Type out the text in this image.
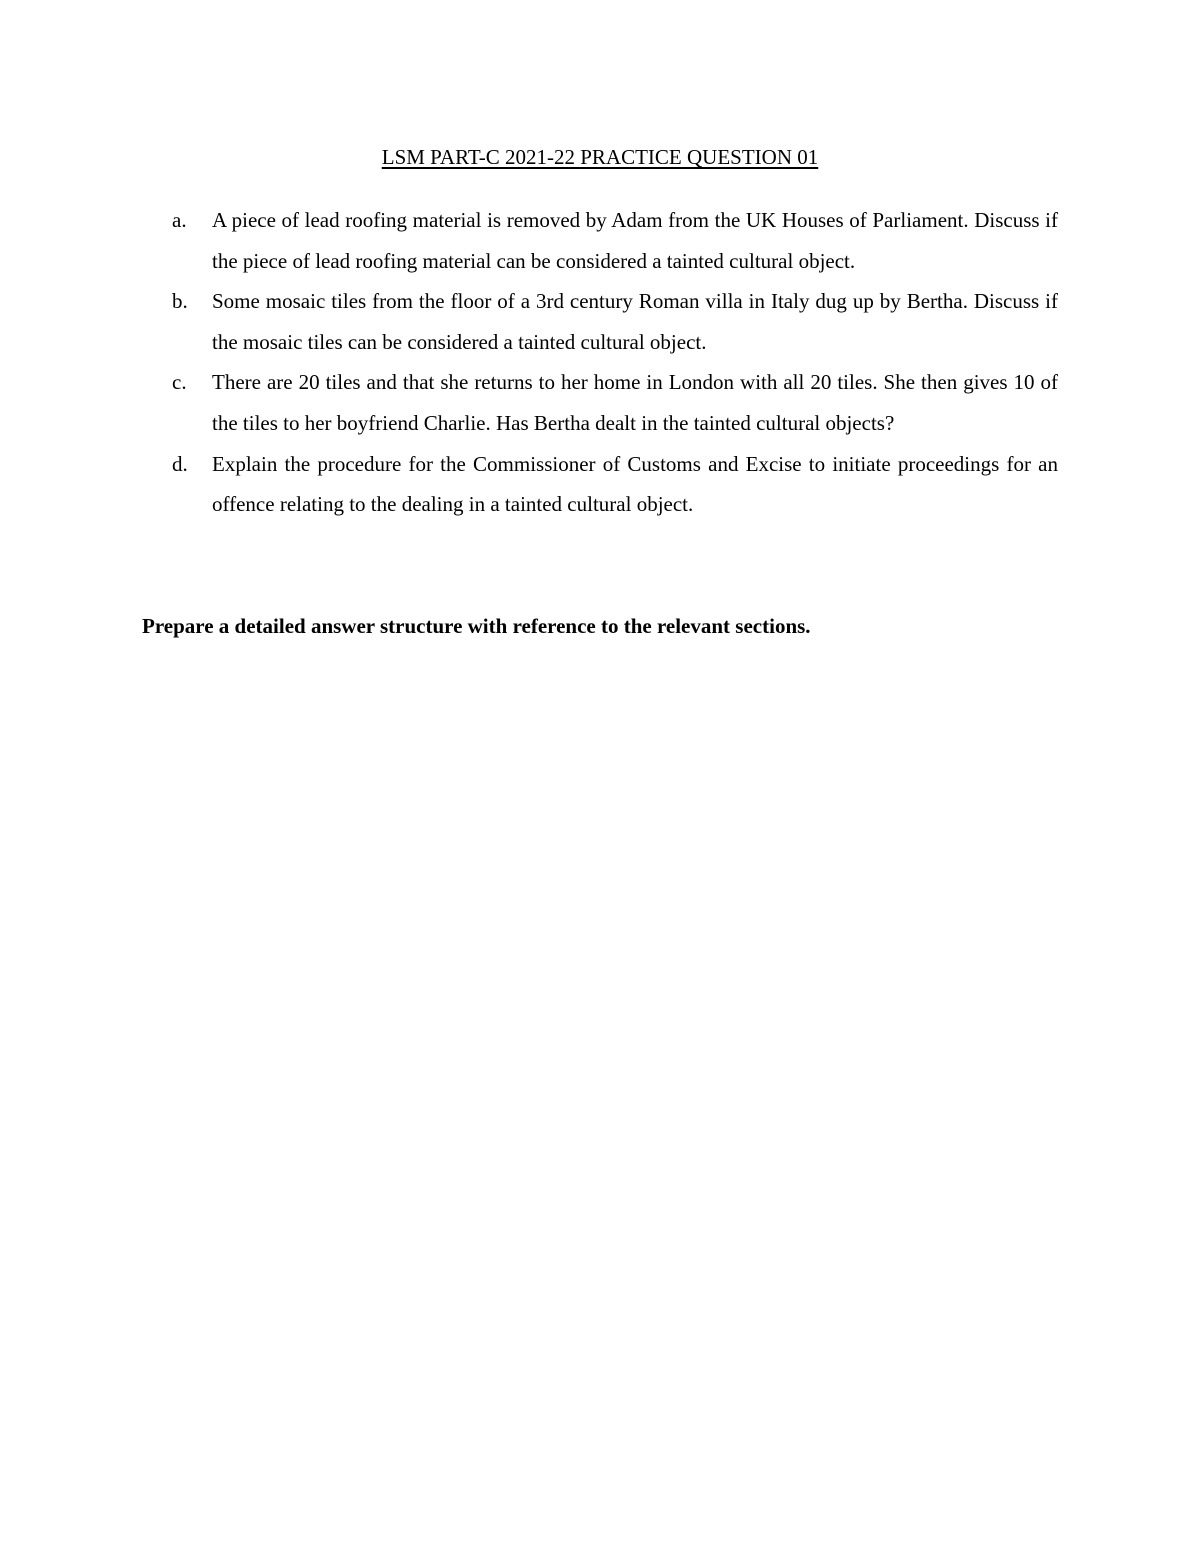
LSM PART-C 2021-22 PRACTICE QUESTION 01
a.	A piece of lead roofing material is removed by Adam from the UK Houses of Parliament. Discuss if the piece of lead roofing material can be considered a tainted cultural object.
b.	Some mosaic tiles from the floor of a 3rd century Roman villa in Italy dug up by Bertha. Discuss if the mosaic tiles can be considered a tainted cultural object.
c.	There are 20 tiles and that she returns to her home in London with all 20 tiles. She then gives 10 of the tiles to her boyfriend Charlie. Has Bertha dealt in the tainted cultural objects?
d.	Explain the procedure for the Commissioner of Customs and Excise to initiate proceedings for an offence relating to the dealing in a tainted cultural object.

Prepare a detailed answer structure with reference to the relevant sections.
